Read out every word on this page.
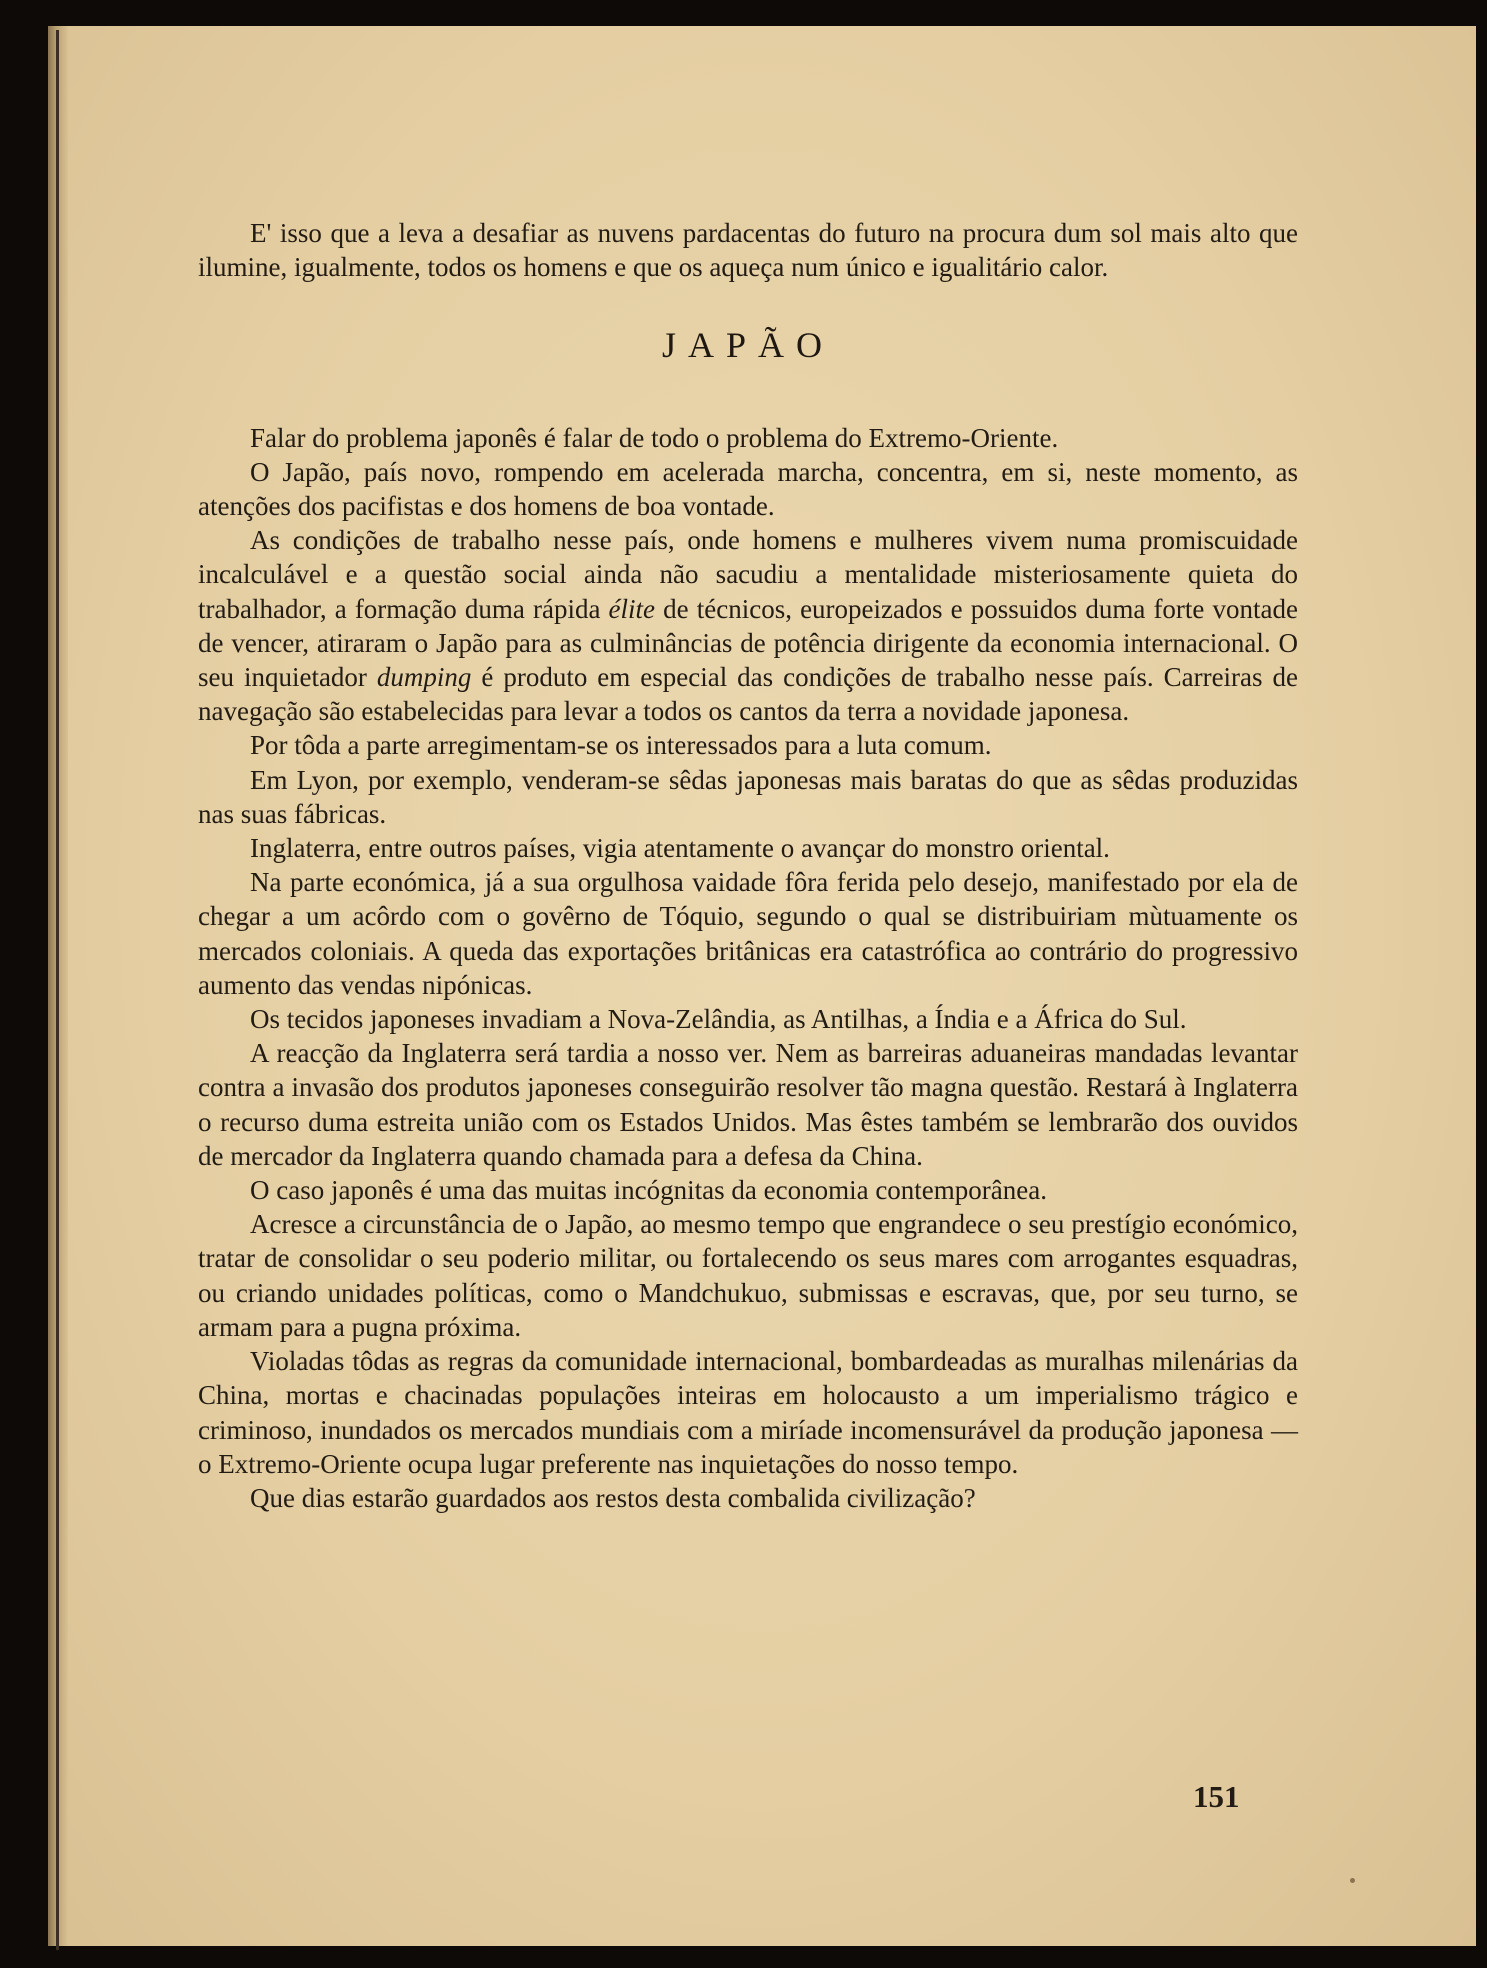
E' isso que a leva a desafiar as nuvens pardacentas do futuro na procura dum sol mais alto que ilumine, igualmente, todos os homens e que os aqueça num único e igualitário calor.

JAPÃO

Falar do problema japonês é falar de todo o problema do Extremo-Oriente.

O Japão, país novo, rompendo em acelerada marcha, concentra, em si, neste momento, as atenções dos pacifistas e dos homens de boa vontade.

As condições de trabalho nesse país, onde homens e mulheres vivem numa promiscuidade incalculável e a questão social ainda não sacudiu a mentalidade misteriosamente quieta do trabalhador, a formação duma rápida élite de técnicos, europeizados e possuidos duma forte vontade de vencer, atiraram o Japão para as culminâncias de potência dirigente da economia internacional. O seu inquietador dumping é produto em especial das condições de trabalho nesse país. Carreiras de navegação são estabelecidas para levar a todos os cantos da terra a novidade japonesa.

Por tôda a parte arregimentam-se os interessados para a luta comum.

Em Lyon, por exemplo, venderam-se sêdas japonesas mais baratas do que as sêdas produzidas nas suas fábricas.

Inglaterra, entre outros países, vigia atentamente o avançar do monstro oriental.

Na parte económica, já a sua orgulhosa vaidade fôra ferida pelo desejo, manifestado por ela de chegar a um acôrdo com o govêrno de Tóquio, segundo o qual se distribuiriam mùtuamente os mercados coloniais. A queda das exportações britânicas era catastrófica ao contrário do progressivo aumento das vendas nipónicas.

Os tecidos japoneses invadiam a Nova-Zelândia, as Antilhas, a Índia e a África do Sul.

A reacção da Inglaterra será tardia a nosso ver. Nem as barreiras aduaneiras mandadas levantar contra a invasão dos produtos japoneses conseguirão resolver tão magna questão. Restará à Inglaterra o recurso duma estreita união com os Estados Unidos. Mas êstes também se lembrarão dos ouvidos de mercador da Inglaterra quando chamada para a defesa da China.

O caso japonês é uma das muitas incógnitas da economia contemporânea.

Acresce a circunstância de o Japão, ao mesmo tempo que engrandece o seu prestígio económico, tratar de consolidar o seu poderio militar, ou fortalecendo os seus mares com arrogantes esquadras, ou criando unidades políticas, como o Mandchukuo, submissas e escravas, que, por seu turno, se armam para a pugna próxima.

Violadas tôdas as regras da comunidade internacional, bombardeadas as muralhas milenárias da China, mortas e chacinadas populações inteiras em holocausto a um imperialismo trágico e criminoso, inundados os mercados mundiais com a miríade incomensurável da produção japonesa — o Extremo-Oriente ocupa lugar preferente nas inquietações do nosso tempo.

Que dias estarão guardados aos restos desta combalida civilização?

151
